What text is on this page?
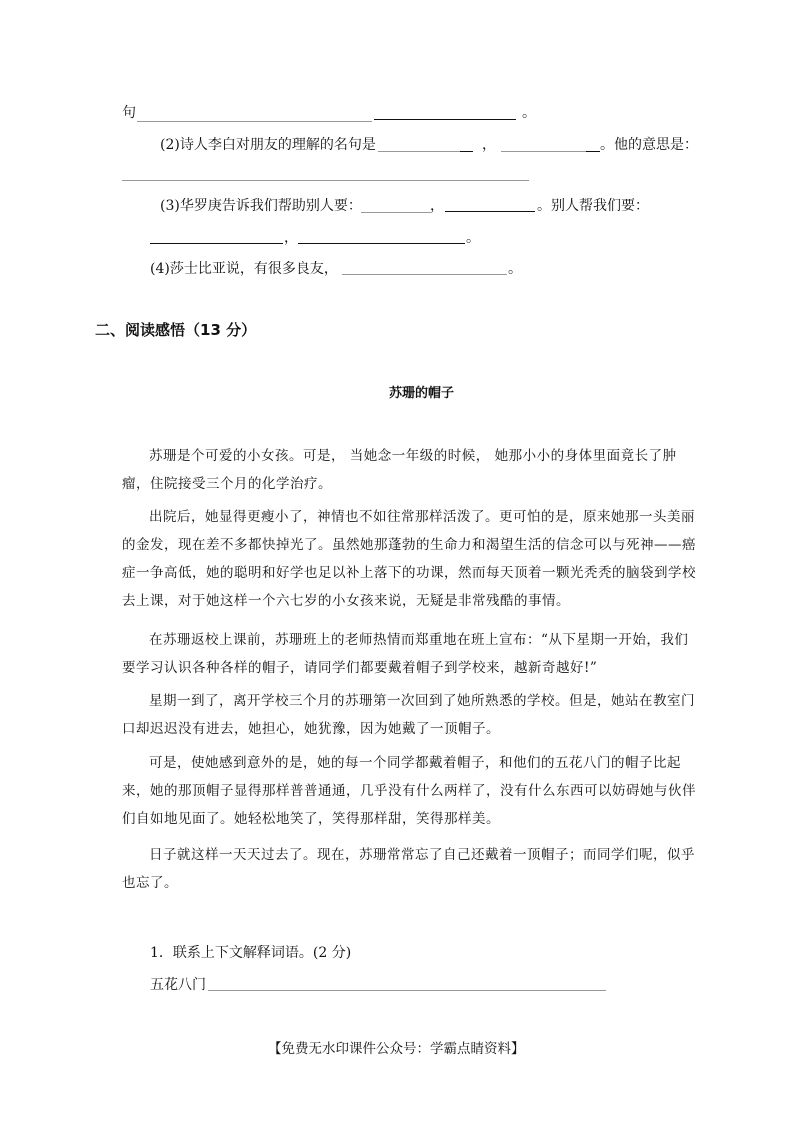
句	。
(2)诗人李白对朋友的理解的名句是	，	。他的意思是：
(3)华罗庚告诉我们帮助别人要：	，	。别人帮我们要：
，	。
(4)莎士比亚说，有很多良友，	。
二、阅读感悟（13 分）
苏珊的帽子
苏珊是个可爱的小女孩。可是， 当她念一年级的时候， 她那小小的身体里面竟长了肿瘤，住院接受三个月的化学治疗。
出院后，她显得更瘦小了，神情也不如往常那样活泼了。更可怕的是，原来她那一头美丽的金发，现在差不多都快掉光了。虽然她那蓬勃的生命力和渴望生活的信念可以与死神——癌症一争高低，她的聪明和好学也足以补上落下的功课，然而每天顶着一颗光秃秃的脑袋到学校去上课，对于她这样一个六七岁的小女孩来说，无疑是非常残酷的事情。
在苏珊返校上课前，苏珊班上的老师热情而郑重地在班上宣布：“从下星期一开始，我们要学习认识各种各样的帽子，请同学们都要戴着帽子到学校来，越新奇越好!”
星期一到了，离开学校三个月的苏珊第一次回到了她所熟悉的学校。但是，她站在教室门口却迟迟没有进去，她担心，她犹豫，因为她戴了一顶帽子。
可是，使她感到意外的是，她的每一个同学都戴着帽子，和他们的五花八门的帽子比起来，她的那顶帽子显得那样普普通通，几乎没有什么两样了，没有什么东西可以妨碍她与伙伴们自如地见面了。她轻松地笑了，笑得那样甜，笑得那样美。
日子就这样一天天过去了。现在，苏珊常常忘了自己还戴着一顶帽子；而同学们呢，似乎也忘了。
1．联系上下文解释词语。(2 分)
五花八门
【免费无水印课件公众号：学霸点睛资料】
